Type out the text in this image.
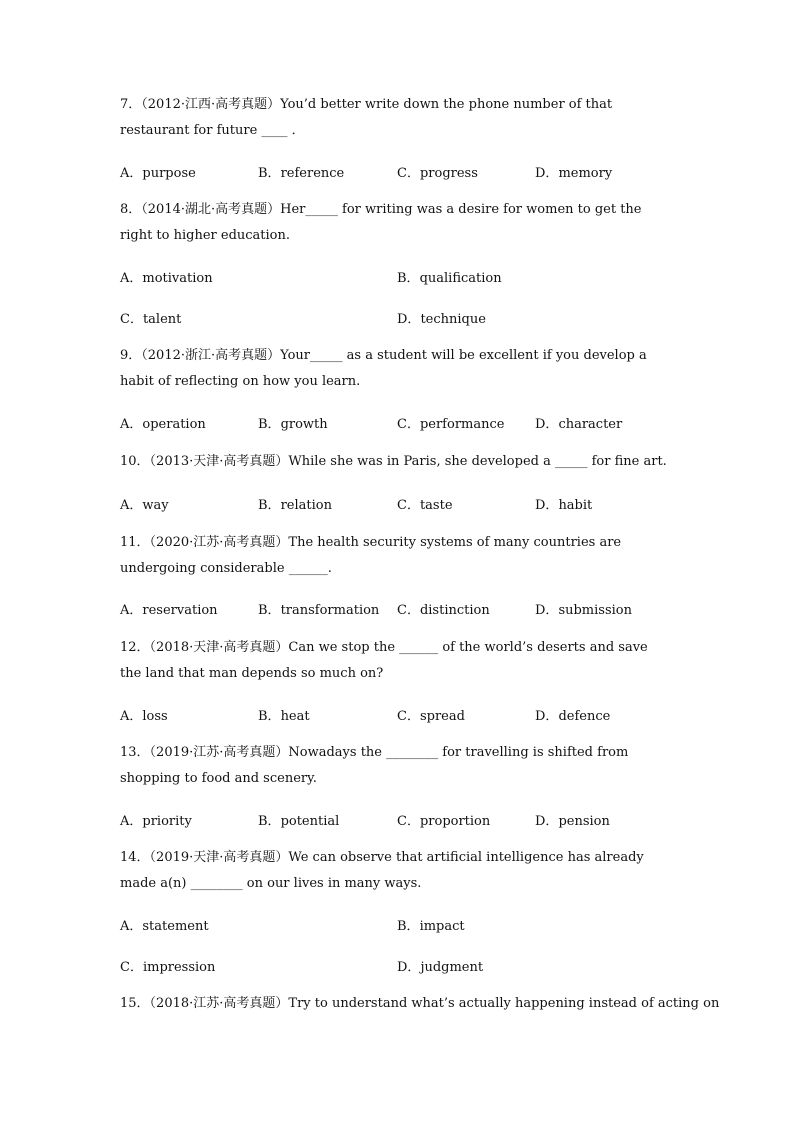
7．（2012·江西·高考真题）You’d better write down the phone number of that restaurant for future ____ ．
A．purpose	B．reference	C．progress	D．memory
8．（2014·湖北·高考真题）Her_____ for writing was a desire for women to get the right to higher education.
A．motivation	B．qualification
C．talent	D．technique
9．（2012·浙江·高考真题）Your_____ as a student will be excellent if you develop a habit of reflecting on how you learn.
A．operation	B．growth	C．performance D．character
10．（2013·天津·高考真题）While she was in Paris, she developed a _____ for fine art.
A．way	B．relation	C．taste	D．habit
11．（2020·江苏·高考真题）The health security systems of many countries are undergoing considerable ______.
A．reservation	B．transformation C．distinction	D．submission
12．（2018·天津·高考真题）Can we stop the ______ of the world’s deserts and save the land that man depends so much on?
A．loss	B．heat	C．spread	D．defence
13．（2019·江苏·高考真题）Nowadays the ________ for travelling is shifted from shopping to food and scenery.
A．priority	B．potential	C．proportion	D．pension
14．（2019·天津·高考真题）We can observe that artificial intelligence has already made a(n) ________ on our lives in many ways.
A．statement	B．impact
C．impression	D．judgment
15．（2018·江苏·高考真题）Try to understand what’s actually happening instead of acting on
